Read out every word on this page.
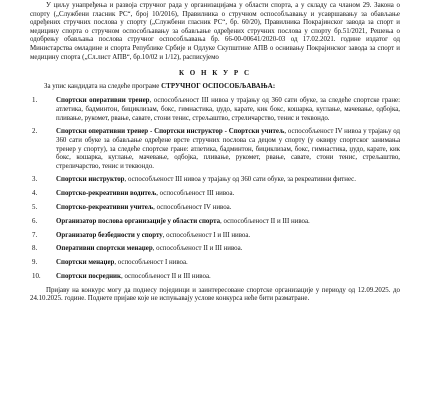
У циљу унапређења и развоја стручног рада у организацијама у области спорта, а у складу са чланом 29. Закона о спорту („Службени гласник РС“, број 10/2016), Правилника о стручном оспособљавању и усавршавању за обављање одређених стручних послова у спорту („Службени гласник РС“, бр. 60/20), Правилника Покрајинског завода за спорт и медицину спорта о стручном оспособљавању за обављање одређених стручних послова у спорту бр.51/2021, Решења о одобрењу обављања послова стручног оспособљавања бр. 66-00-00641/2020-03 од 17.02.2021. године издатог од Министарства омладине и спорта Републике Србије и Одлуке Скупштине АПВ о оснивању Покрајинског завода за спорт и медицину спорта („Сл.лист АПВ“, бр.10/02 и 1/12), расписујемо

К О Н К У Р С

За упис кандидата на следеће програме СТРУЧНОГ ОСПОСОБЉАВАЊА:

1.	Спортски оперативни тренер, оспособљеност III нивоа у трајању од 360 сати обуке, за следеће спортске гране: атлетика, бадминтон, бициклизам, бокс, гимнастика, џудо, карате, кик бокс, кошарка, куглање, мачевање, одбојка, пливање, рукомет, рвање, савате, стони тенис, стрељаштво, стреличарство, тенис и теквондо.
2.	Спортски оперативни тренер - Спортски инструктор - Спортски учитељ, оспособљеност IV нивоа у трајању од 360 сати обуке за обављање одређене врсте стручних послова са децом у спорту (у оквиру спортског занимања тренер у спорту), за следеће спортске гране: атлетика, бадминтон, бициклизам, бокс, гимнастика, џудо, карате, кик бокс, кошарка, куглање, мачевање, одбојка, пливање, рукомет, рвање, савате, стони тенис, стрељаштво, стреличарство, тенис и теквондо.
3.	Спортски инструктор, оспособљеност III нивоа у трајању од 360 сати обуке, за рекреативни фитнес.
4.	Спортско-рекреативни водитељ, оспособљеност III нивоа.
5.	Спортско-рекреативни учитељ, оспособљеност IV нивоа.
6.	Организатор послова организације у области спорта, оспособљеност II и III нивоа.
7.	Организатор безбедности у спорту, оспособљеност I и III нивоа.
8.	Оперативни спортски менаџер, оспособљеност II и III нивоа.
9.	Спортски менаџер, оспособљеност I нивоа.
10. Спортски посредник, оспособљеност II и III нивоа.

Пријаву на конкурс могу да поднесу појединци и заинтересоване спортске организације у периоду од 12.09.2025. до 24.10.2025. године. Поднете пријаве које не испуњавају услове конкурса неће бити разматране.
